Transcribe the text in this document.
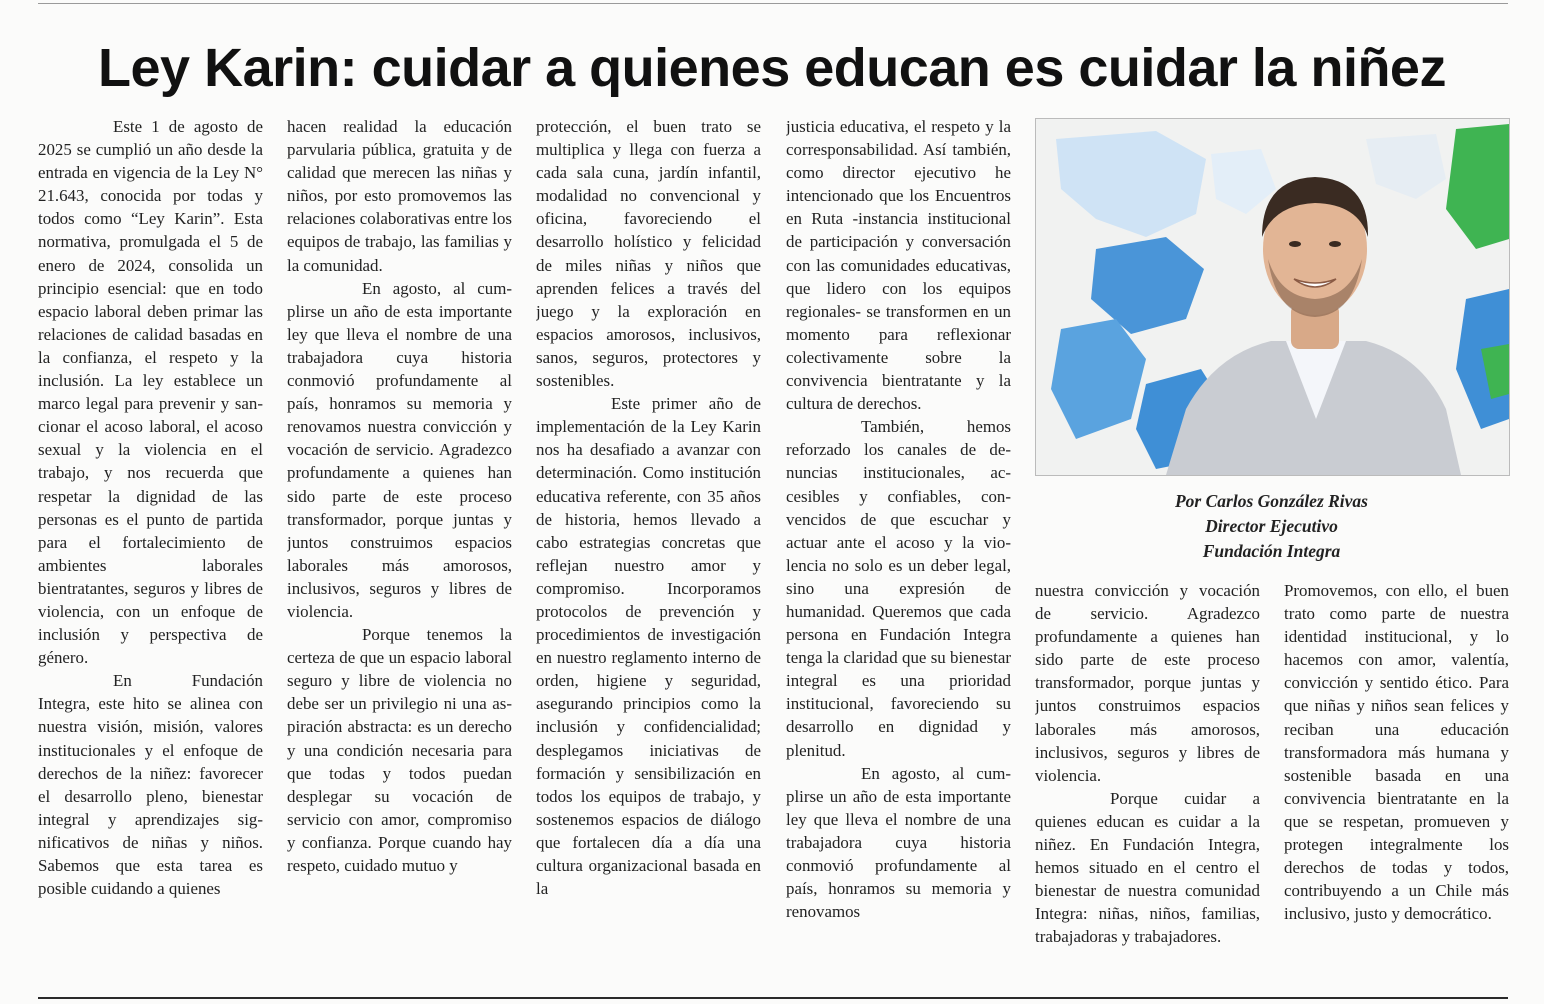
Ley Karin: cuidar a quienes educan es cuidar la niñez

Este 1 de agosto de 2025 se cumplió un año desde la entrada en vigencia de la Ley N° 21.643, conocida por todas y todos como “Ley Karin”. Esta normativa, promulgada el 5 de enero de 2024, consolida un principio esencial: que en todo espacio laboral deben primar las relaciones de calidad basadas en la confianza, el respeto y la inclusión. La ley establece un marco legal para prevenir y sancionar el acoso laboral, el acoso sexual y la violencia en el trabajo, y nos recuerda que respetar la dignidad de las personas es el punto de partida para el fortalecimiento de ambientes laborales bientratantes, seguros y libres de violencia, con un enfoque de inclusión y perspectiva de género.

En Fundación Integra, este hito se alinea con nuestra visión, misión, valores institucionales y el enfoque de derechos de la niñez: favorecer el desarrollo pleno, bienestar integral y aprendizajes significativos de niñas y niños. Sabemos que esta tarea es posible cuidando a quienes

hacen realidad la educación parvularia pública, gratuita y de calidad que merecen las niñas y niños, por esto promovemos las relaciones colaborativas entre los equipos de trabajo, las familias y la comunidad.

En agosto, al cumplirse un año de esta importante ley que lleva el nombre de una trabajadora cuya historia conmovió profundamente al país, honramos su memoria y renovamos nuestra convicción y vocación de servicio. Agradezco profundamente a quienes han sido parte de este proceso transformador, porque juntas y juntos construimos espacios laborales más amorosos, inclusivos, seguros y libres de violencia.

Porque tenemos la certeza de que un espacio laboral seguro y libre de violencia no debe ser un privilegio ni una aspiración abstracta: es un derecho y una condición necesaria para que todas y todos puedan desplegar su vocación de servicio con amor, compromiso y confianza. Porque cuando hay respeto, cuidado mutuo y

protección, el buen trato se multiplica y llega con fuerza a cada sala cuna, jardín infantil, modalidad no convencional y oficina, favoreciendo el desarrollo holístico y felicidad de miles niñas y niños que aprenden felices a través del juego y la exploración en espacios amorosos, inclusivos, sanos, seguros, protectores y sostenibles.

Este primer año de implementación de la Ley Karin nos ha desafiado a avanzar con determinación. Como institución educativa referente, con 35 años de historia, hemos llevado a cabo estrategias concretas que reflejan nuestro amor y compromiso. Incorporamos protocolos de prevención y procedimientos de investigación en nuestro reglamento interno de orden, higiene y seguridad, asegurando principios como la inclusión y confidencialidad; desplegamos iniciativas de formación y sensibilización en todos los equipos de trabajo, y sostenemos espacios de diálogo que fortalecen día a día una cultura organizacional basada en la

justicia educativa, el respeto y la corresponsabilidad. Así también, como director ejecutivo he intencionado que los Encuentros en Ruta -instancia institucional de participación y conversación con las comunidades educativas, que lidero con los equipos regionales- se transformen en un momento para reflexionar colectivamente sobre la convivencia bientratante y la cultura de derechos.

También, hemos reforzado los canales de denuncias institucionales, accesibles y confiables, convencidos de que escuchar y actuar ante el acoso y la violencia no solo es un deber legal, sino una expresión de humanidad. Queremos que cada persona en Fundación Integra tenga la claridad que su bienestar integral es una prioridad institucional, favoreciendo su desarrollo en dignidad y plenitud.

En agosto, al cumplirse un año de esta importante ley que lleva el nombre de una trabajadora cuya historia conmovió profundamente al país, honramos su memoria y renovamos

Por Carlos González Rivas
Director Ejecutivo
Fundación Integra

nuestra convicción y vocación de servicio. Agradezco profundamente a quienes han sido parte de este proceso transformador, porque juntas y juntos construimos espacios laborales más amorosos, inclusivos, seguros y libres de violencia.

Porque cuidar a quienes educan es cuidar a la niñez. En Fundación Integra, hemos situado en el centro el bienestar de nuestra comunidad Integra: niñas, niños, familias, trabajadoras y trabajadores.

Promovemos, con ello, el buen trato como parte de nuestra identidad institucional, y lo hacemos con amor, valentía, convicción y sentido ético. Para que niñas y niños sean felices y reciban una educación transformadora más humana y sostenible basada en una convivencia bientratante en la que se respetan, promueven y protegen integralmente los derechos de todas y todos, contribuyendo a un Chile más inclusivo, justo y democrático.
